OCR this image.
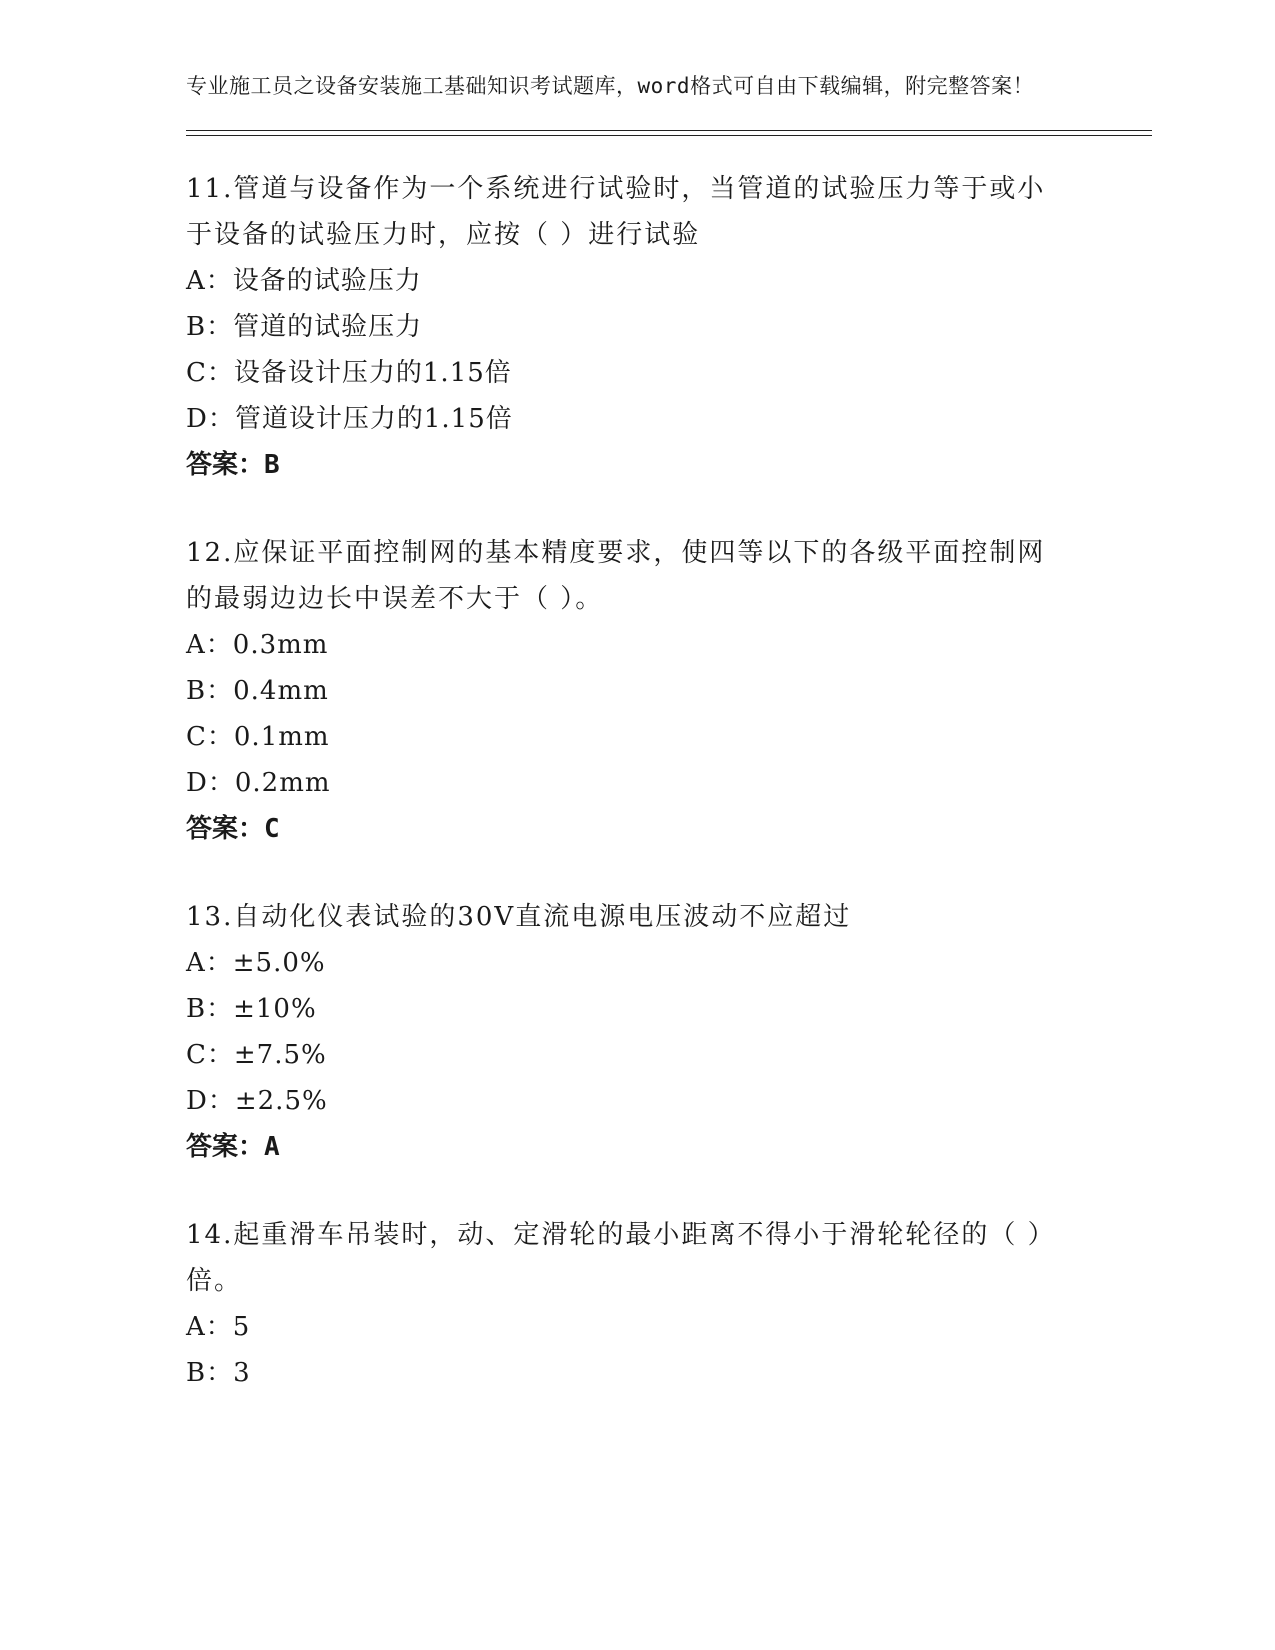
专业施工员之设备安装施工基础知识考试题库，word格式可自由下载编辑，附完整答案！

11.管道与设备作为一个系统进行试验时，当管道的试验压力等于或小于设备的试验压力时，应按（ ）进行试验

A：设备的试验压力
B：管道的试验压力
C：设备设计压力的1.15倍
D：管道设计压力的1.15倍
答案：B

12.应保证平面控制网的基本精度要求，使四等以下的各级平面控制网的最弱边边长中误差不大于（ ）。

A：0.3mm
B：0.4mm
C：0.1mm
D：0.2mm
答案：C

13.自动化仪表试验的30V直流电源电压波动不应超过

A：±5.0%
B：±10%
C：±7.5%
D：±2.5%
答案：A

14.起重滑车吊装时，动、定滑轮的最小距离不得小于滑轮轮径的（ ）倍。

A：5
B：3
